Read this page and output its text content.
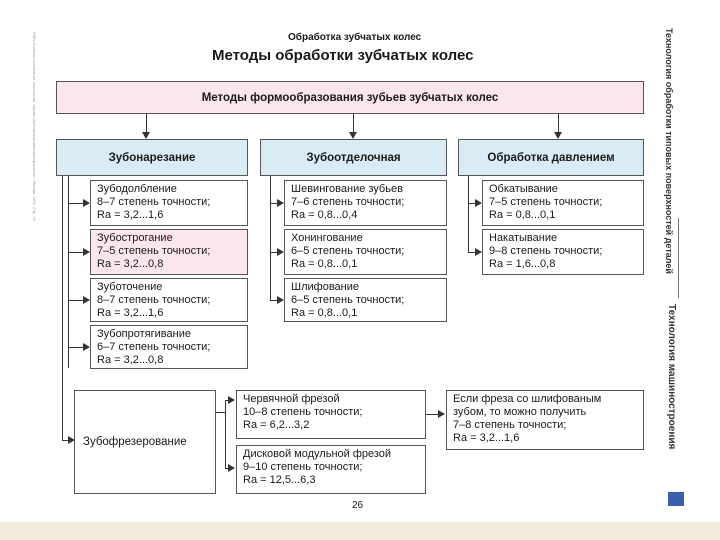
ISBN Учебное пособие по технологии. Серия «Библиотека машиностроителя». Москва. 2011. Стр. 26	Обработка зубчатых колес
Методы обработки зубчатых колес
Методы формообразования зубьев зубчатых колес
Зубонарезание
Зубодолбление
8–7 степень точности;
Ra = 3,2...1,6
Зубострогание
7–5 степень точности;
Ra = 3,2...0,8
Зуботочение
8–7 степень точности;
Ra = 3,2...1,6
Зубопротягивание
6–7 степень точности;
Ra = 3,2...0,8
Зубоотделочная
Шевингование зубьев
7–6 степень точности;
Ra = 0,8...0,4
Хонингование
6–5 степень точности;
Ra = 0,8...0,1
Шлифование
6–5 степень точности;
Ra = 0,8...0,1
Обработка давлением
Обкатывание
7–5 степень точности;
Ra = 0,8...0,1
Накатывание
9–8 степень точности;
Ra = 1,6...0,8
Зубофрезерование
Червячной фрезой
10–8 степень точности;
Ra = 6,2...3,2
Дисковой модульной фрезой
9–10 степень точности;
Ra = 12,5...6,3
Если фреза со шлифованым
зубом, то можно получить
7–8 степень точности;
Ra = 3,2...1,6
26
Технология обработки типовых поверхностей деталей
Технология машиностроения
